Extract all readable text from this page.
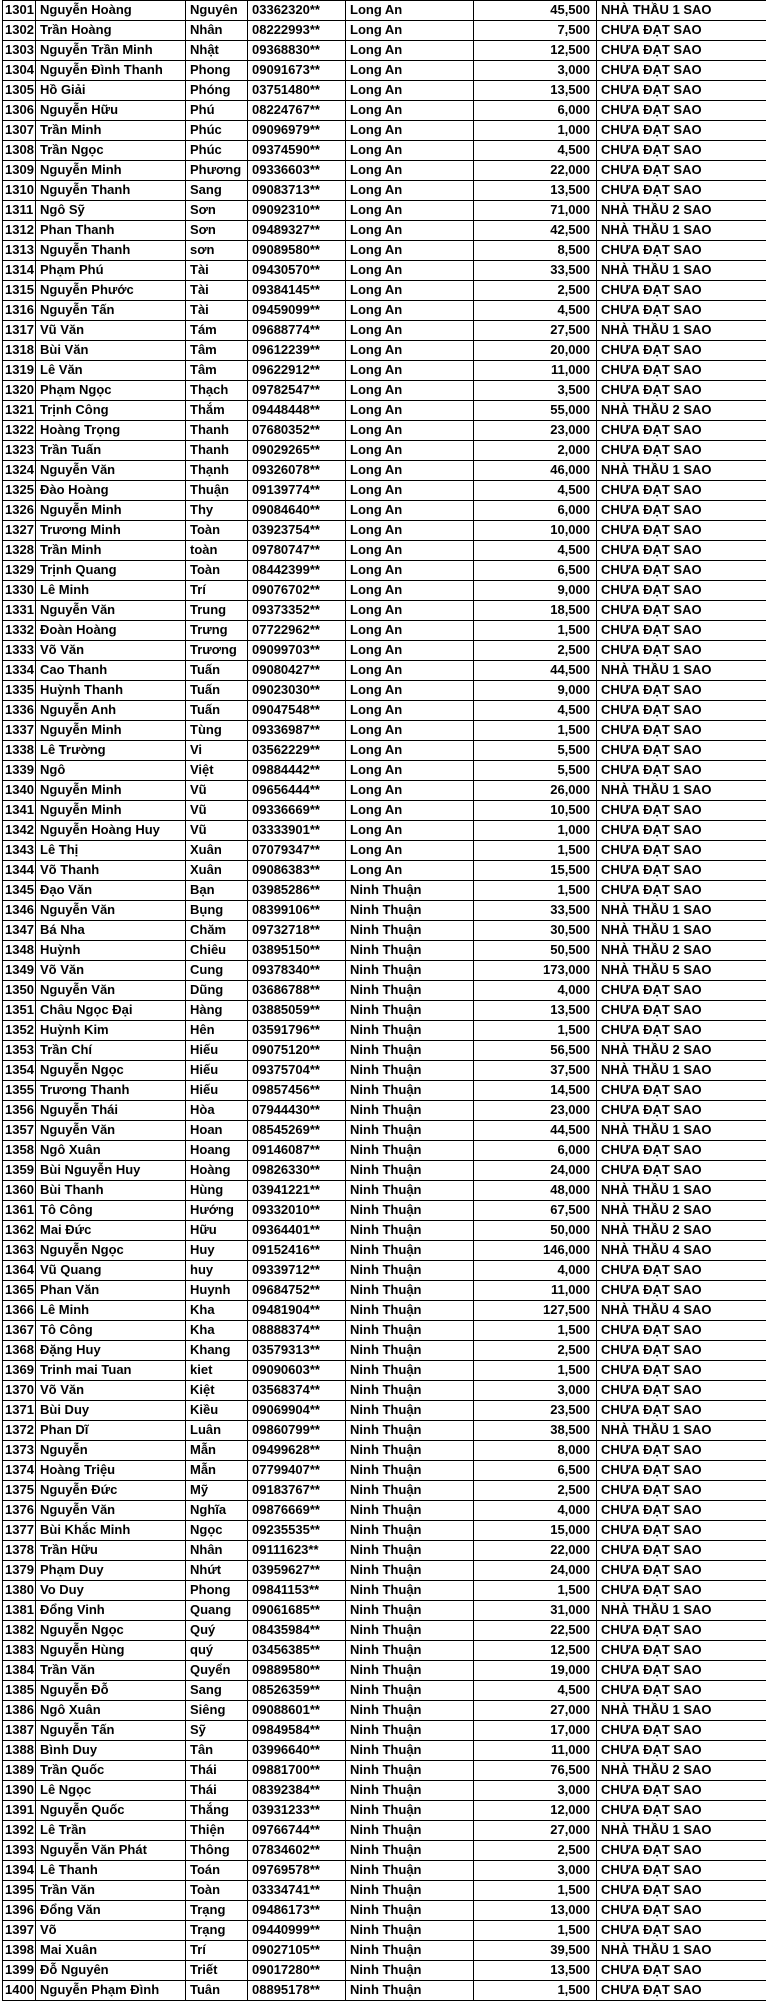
1301 Nguyễn Hoàng	Nguyên	03362320**	Long An	45,500 NHÀ THẦU 1 SAO
1302 Trần Hoàng	Nhân	08222993**	Long An	7,500 CHƯA ĐẠT SAO
1303 Nguyễn Trần Minh	Nhật	09368830**	Long An	12,500 CHƯA ĐẠT SAO
1304 Nguyễn Đình Thanh	Phong	09091673**	Long An	3,000 CHƯA ĐẠT SAO
1305 Hồ Giải	Phóng	03751480**	Long An	13,500 CHƯA ĐẠT SAO
1306 Nguyễn Hữu	Phú	08224767**	Long An	6,000 CHƯA ĐẠT SAO
1307 Trần Minh	Phúc	09096979**	Long An	1,000 CHƯA ĐẠT SAO
1308 Trần Ngọc	Phúc	09374590**	Long An	4,500 CHƯA ĐẠT SAO
1309 Nguyễn Minh	Phương 09336603**	Long An	22,000 CHƯA ĐẠT SAO
1310 Nguyễn Thanh	Sang	09083713**	Long An	13,500 CHƯA ĐẠT SAO
1311 Ngô Sỹ	Sơn	09092310**	Long An	71,000 NHÀ THẦU 2 SAO
1312 Phan Thanh	Sơn	09489327**	Long An	42,500 NHÀ THẦU 1 SAO
1313 Nguyễn Thanh	sơn	09089580**	Long An	8,500 CHƯA ĐẠT SAO
1314 Phạm Phú	Tài	09430570**	Long An	33,500 NHÀ THẦU 1 SAO
1315 Nguyễn Phước	Tài	09384145**	Long An	2,500 CHƯA ĐẠT SAO
1316 Nguyễn Tấn	Tài	09459099**	Long An	4,500 CHƯA ĐẠT SAO
1317 Vũ Văn	Tám	09688774**	Long An	27,500 NHÀ THẦU 1 SAO
1318 Bùi Văn	Tâm	09612239**	Long An	20,000 CHƯA ĐẠT SAO
1319 Lê Văn	Tâm	09622912**	Long An	11,000 CHƯA ĐẠT SAO
1320 Phạm Ngọc	Thạch	09782547**	Long An	3,500 CHƯA ĐẠT SAO
1321 Trịnh Công	Thắm	09448448**	Long An	55,000 NHÀ THẦU 2 SAO
1322 Hoàng Trọng	Thanh	07680352**	Long An	23,000 CHƯA ĐẠT SAO
1323 Trần Tuấn	Thanh	09029265**	Long An	2,000 CHƯA ĐẠT SAO
1324 Nguyễn Văn	Thạnh	09326078**	Long An	46,000 NHÀ THẦU 1 SAO
1325 Đào Hoàng	Thuận	09139774**	Long An	4,500 CHƯA ĐẠT SAO
1326 Nguyễn Minh	Thy	09084640**	Long An	6,000 CHƯA ĐẠT SAO
1327 Trương Minh	Toàn	03923754**	Long An	10,000 CHƯA ĐẠT SAO
1328 Trần Minh	toàn	09780747**	Long An	4,500 CHƯA ĐẠT SAO
1329 Trịnh Quang	Toàn	08442399**	Long An	6,500 CHƯA ĐẠT SAO
1330 Lê Minh	Trí	09076702**	Long An	9,000 CHƯA ĐẠT SAO
1331 Nguyễn Văn	Trung	09373352**	Long An	18,500 CHƯA ĐẠT SAO
1332 Đoàn Hoàng	Trưng	07722962**	Long An	1,500 CHƯA ĐẠT SAO
1333 Võ Văn	Trương	09099703**	Long An	2,500 CHƯA ĐẠT SAO
1334 Cao Thanh	Tuấn	09080427**	Long An	44,500 NHÀ THẦU 1 SAO
1335 Huỳnh Thanh	Tuấn	09023030**	Long An	9,000 CHƯA ĐẠT SAO
1336 Nguyễn Anh	Tuấn	09047548**	Long An	4,500 CHƯA ĐẠT SAO
1337 Nguyễn Minh	Tùng	09336987**	Long An	1,500 CHƯA ĐẠT SAO
1338 Lê Trường	Vi	03562229**	Long An	5,500 CHƯA ĐẠT SAO
1339 Ngô	Việt	09884442**	Long An	5,500 CHƯA ĐẠT SAO
1340 Nguyễn Minh	Vũ	09656444**	Long An	26,000 NHÀ THẦU 1 SAO
1341 Nguyễn Minh	Vũ	09336669**	Long An	10,500 CHƯA ĐẠT SAO
1342 Nguyễn Hoàng Huy	Vũ	03333901**	Long An	1,000 CHƯA ĐẠT SAO
1343 Lê Thị	Xuân	07079347**	Long An	1,500 CHƯA ĐẠT SAO
1344 Võ Thanh	Xuân	09086383**	Long An	15,500 CHƯA ĐẠT SAO
1345 Đạo Văn	Bạn	03985286**	Ninh Thuận	1,500 CHƯA ĐẠT SAO
1346 Nguyễn Văn	Bụng	08399106**	Ninh Thuận	33,500 NHÀ THẦU 1 SAO
1347 Bá Nha	Chăm	09732718**	Ninh Thuận	30,500 NHÀ THẦU 1 SAO
1348 Huỳnh	Chiêu	03895150**	Ninh Thuận	50,500 NHÀ THẦU 2 SAO
1349 Võ Văn	Cung	09378340**	Ninh Thuận	173,000 NHÀ THẦU 5 SAO
1350 Nguyễn Văn	Dũng	03686788**	Ninh Thuận	4,000 CHƯA ĐẠT SAO
1351 Châu Ngọc Đại	Hàng	03885059**	Ninh Thuận	13,500 CHƯA ĐẠT SAO
1352 Huỳnh Kim	Hên	03591796**	Ninh Thuận	1,500 CHƯA ĐẠT SAO
1353 Trần Chí	Hiếu	09075120**	Ninh Thuận	56,500 NHÀ THẦU 2 SAO
1354 Nguyễn Ngọc	Hiếu	09375704**	Ninh Thuận	37,500 NHÀ THẦU 1 SAO
1355 Trương Thanh	Hiếu	09857456**	Ninh Thuận	14,500 CHƯA ĐẠT SAO
1356 Nguyễn Thái	Hòa	07944430**	Ninh Thuận	23,000 CHƯA ĐẠT SAO
1357 Nguyễn Văn	Hoan	08545269**	Ninh Thuận	44,500 NHÀ THẦU 1 SAO
1358 Ngô Xuân	Hoang	09146087**	Ninh Thuận	6,000 CHƯA ĐẠT SAO
1359 Bùi Nguyễn Huy	Hoàng	09826330**	Ninh Thuận	24,000 CHƯA ĐẠT SAO
1360 Bùi Thanh	Hùng	03941221**	Ninh Thuận	48,000 NHÀ THẦU 1 SAO
1361 Tô Công	Hướng	09332010**	Ninh Thuận	67,500 NHÀ THẦU 2 SAO
1362 Mai Đức	Hữu	09364401**	Ninh Thuận	50,000 NHÀ THẦU 2 SAO
1363 Nguyễn Ngọc	Huy	09152416**	Ninh Thuận	146,000 NHÀ THẦU 4 SAO
1364 Vũ Quang	huy	09339712**	Ninh Thuận	4,000 CHƯA ĐẠT SAO
1365 Phan Văn	Huynh	09684752**	Ninh Thuận	11,000 CHƯA ĐẠT SAO
1366 Lê Minh	Kha	09481904**	Ninh Thuận	127,500 NHÀ THẦU 4 SAO
1367 Tô Công	Kha	08888374**	Ninh Thuận	1,500 CHƯA ĐẠT SAO
1368 Đặng Huy	Khang	03579313**	Ninh Thuận	2,500 CHƯA ĐẠT SAO
1369 Trinh mai Tuan	kiet	09090603**	Ninh Thuận	1,500 CHƯA ĐẠT SAO
1370 Võ Văn	Kiệt	03568374**	Ninh Thuận	3,000 CHƯA ĐẠT SAO
1371 Bùi Duy	Kiều	09069904**	Ninh Thuận	23,500 CHƯA ĐẠT SAO
1372 Phan Dĩ	Luân	09860799**	Ninh Thuận	38,500 NHÀ THẦU 1 SAO
1373 Nguyễn	Mẫn	09499628**	Ninh Thuận	8,000 CHƯA ĐẠT SAO
1374 Hoàng Triệu	Mẫn	07799407**	Ninh Thuận	6,500 CHƯA ĐẠT SAO
1375 Nguyễn Đức	Mỹ	09183767**	Ninh Thuận	2,500 CHƯA ĐẠT SAO
1376 Nguyễn Văn	Nghĩa	09876669**	Ninh Thuận	4,000 CHƯA ĐẠT SAO
1377 Bùi Khắc Minh	Ngọc	09235535**	Ninh Thuận	15,000 CHƯA ĐẠT SAO
1378 Trần Hữu	Nhân	09111623**	Ninh Thuận	22,000 CHƯA ĐẠT SAO
1379 Phạm Duy	Nhứt	03959627**	Ninh Thuận	24,000 CHƯA ĐẠT SAO
1380 Vo Duy	Phong	09841153**	Ninh Thuận	1,500 CHƯA ĐẠT SAO
1381 Đổng Vinh	Quang	09061685**	Ninh Thuận	31,000 NHÀ THẦU 1 SAO
1382 Nguyễn Ngọc	Quý	08435984**	Ninh Thuận	22,500 CHƯA ĐẠT SAO
1383 Nguyễn Hùng	quý	03456385**	Ninh Thuận	12,500 CHƯA ĐẠT SAO
1384 Trần Văn	Quyển	09889580**	Ninh Thuận	19,000 CHƯA ĐẠT SAO
1385 Nguyễn Đỗ	Sang	08526359**	Ninh Thuận	4,500 CHƯA ĐẠT SAO
1386 Ngô Xuân	Siêng	09088601**	Ninh Thuận	27,000 NHÀ THẦU 1 SAO
1387 Nguyễn Tấn	Sỹ	09849584**	Ninh Thuận	17,000 CHƯA ĐẠT SAO
1388 Bình Duy	Tân	03996640**	Ninh Thuận	11,000 CHƯA ĐẠT SAO
1389 Trần Quốc	Thái	09881700**	Ninh Thuận	76,500 NHÀ THẦU 2 SAO
1390 Lê Ngọc	Thái	08392384**	Ninh Thuận	3,000 CHƯA ĐẠT SAO
1391 Nguyễn Quốc	Thắng	03931233**	Ninh Thuận	12,000 CHƯA ĐẠT SAO
1392 Lê Trần	Thiện	09766744**	Ninh Thuận	27,000 NHÀ THẦU 1 SAO
1393 Nguyễn Văn Phát	Thông	07834602**	Ninh Thuận	2,500 CHƯA ĐẠT SAO
1394 Lê Thanh	Toán	09769578**	Ninh Thuận	3,000 CHƯA ĐẠT SAO
1395 Trần Văn	Toàn	03334741**	Ninh Thuận	1,500 CHƯA ĐẠT SAO
1396 Đổng Văn	Trạng	09486173**	Ninh Thuận	13,000 CHƯA ĐẠT SAO
1397 Võ	Trạng	09440999**	Ninh Thuận	1,500 CHƯA ĐẠT SAO
1398 Mai Xuân	Trí	09027105**	Ninh Thuận	39,500 NHÀ THẦU 1 SAO
1399 Đỗ Nguyên	Triết	09017280**	Ninh Thuận	13,500 CHƯA ĐẠT SAO
1400 Nguyễn Phạm Đình	Tuân	08895178**	Ninh Thuận	1,500 CHƯA ĐẠT SAO
